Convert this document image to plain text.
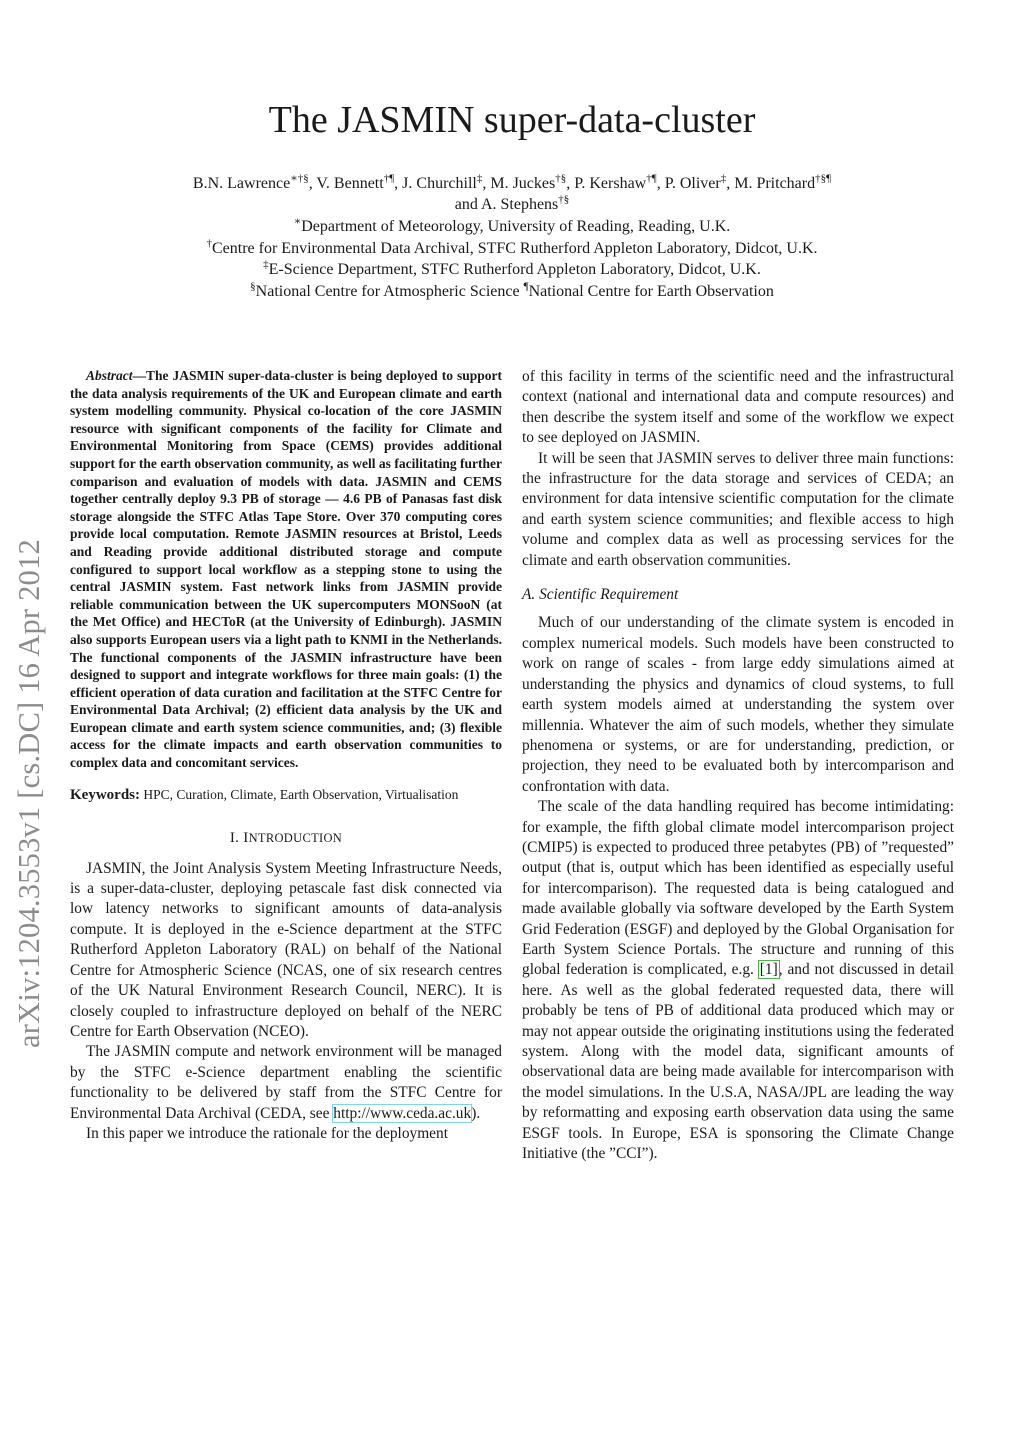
arXiv:1204.3553v1 [cs.DC] 16 Apr 2012
The JASMIN super-data-cluster
B.N. Lawrence∗†§, V. Bennett†¶, J. Churchill‡, M. Juckes†§, P. Kershaw†¶, P. Oliver‡, M. Pritchard†§¶
and A. Stephens†§
∗Department of Meteorology, University of Reading, Reading, U.K.
†Centre for Environmental Data Archival, STFC Rutherford Appleton Laboratory, Didcot, U.K.
‡E-Science Department, STFC Rutherford Appleton Laboratory, Didcot, U.K.
§National Centre for Atmospheric Science ¶National Centre for Earth Observation

Abstract—The JASMIN super-data-cluster is being deployed to support the data analysis requirements of the UK and European climate and earth system modelling community. Physical co-location of the core JASMIN resource with significant components of the facility for Climate and Environmental Monitoring from Space (CEMS) provides additional support for the earth observation community, as well as facilitating further comparison and evaluation of models with data. JASMIN and CEMS together centrally deploy 9.3 PB of storage — 4.6 PB of Panasas fast disk storage alongside the STFC Atlas Tape Store. Over 370 computing cores provide local computation. Remote JASMIN resources at Bristol, Leeds and Reading provide additional distributed storage and compute configured to support local workflow as a stepping stone to using the central JASMIN system. Fast network links from JASMIN provide reliable communication between the UK supercomputers MONSooN (at the Met Office) and HECToR (at the University of Edinburgh). JASMIN also supports European users via a light path to KNMI in the Netherlands. The functional components of the JASMIN infrastructure have been designed to support and integrate workflows for three main goals: (1) the efficient operation of data curation and facilitation at the STFC Centre for Environmental Data Archival; (2) efficient data analysis by the UK and European climate and earth system science communities, and; (3) flexible access for the climate impacts and earth observation communities to complex data and concomitant services.

Keywords: HPC, Curation, Climate, Earth Observation, Virtualisation

I. INTRODUCTION

JASMIN, the Joint Analysis System Meeting Infrastructure Needs, is a super-data-cluster, deploying petascale fast disk connected via low latency networks to significant amounts of data-analysis compute. It is deployed in the e-Science department at the STFC Rutherford Appleton Laboratory (RAL) on behalf of the National Centre for Atmospheric Science (NCAS, one of six research centres of the UK Natural Environment Research Council, NERC). It is closely coupled to infrastructure deployed on behalf of the NERC Centre for Earth Observation (NCEO).

The JASMIN compute and network environment will be managed by the STFC e-Science department enabling the scientific functionality to be delivered by staff from the STFC Centre for Environmental Data Archival (CEDA, see http://www.ceda.ac.uk).

In this paper we introduce the rationale for the deployment

of this facility in terms of the scientific need and the infrastructural context (national and international data and compute resources) and then describe the system itself and some of the workflow we expect to see deployed on JASMIN.

It will be seen that JASMIN serves to deliver three main functions: the infrastructure for the data storage and services of CEDA; an environment for data intensive scientific computation for the climate and earth system science communities; and flexible access to high volume and complex data as well as processing services for the climate and earth observation communities.

A. Scientific Requirement

Much of our understanding of the climate system is encoded in complex numerical models. Such models have been constructed to work on range of scales - from large eddy simulations aimed at understanding the physics and dynamics of cloud systems, to full earth system models aimed at understanding the system over millennia. Whatever the aim of such models, whether they simulate phenomena or systems, or are for understanding, prediction, or projection, they need to be evaluated both by intercomparison and confrontation with data.

The scale of the data handling required has become intimidating: for example, the fifth global climate model intercomparison project (CMIP5) is expected to produced three petabytes (PB) of ”requested” output (that is, output which has been identified as especially useful for intercomparison). The requested data is being catalogued and made available globally via software developed by the Earth System Grid Federation (ESGF) and deployed by the Global Organisation for Earth System Science Portals. The structure and running of this global federation is complicated, e.g. [1], and not discussed in detail here. As well as the global federated requested data, there will probably be tens of PB of additional data produced which may or may not appear outside the originating institutions using the federated system. Along with the model data, significant amounts of observational data are being made available for intercomparison with the model simulations. In the U.S.A, NASA/JPL are leading the way by reformatting and exposing earth observation data using the same ESGF tools. In Europe, ESA is sponsoring the Climate Change Initiative (the ”CCI”).
